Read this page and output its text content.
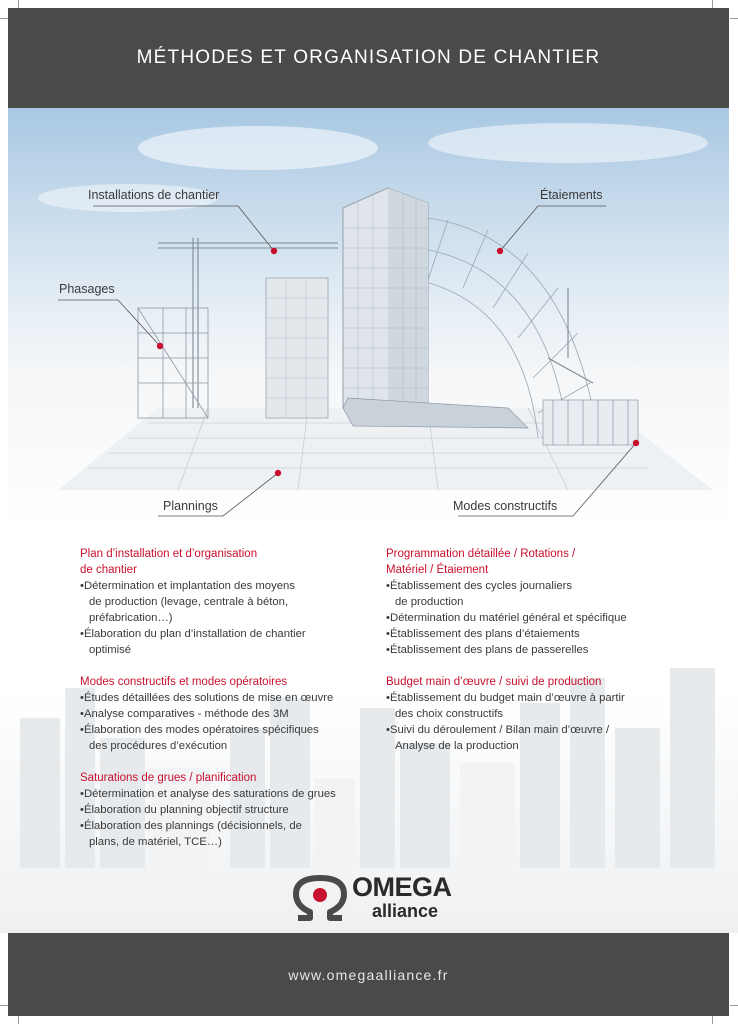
MÉTHODES ET ORGANISATION DE CHANTIER
Installations de chantier	Étaiements
Phasages
Plannings	Modes constructifs

Plan d’installation et d’organisation
de chantier

• Détermination et implantation des moyens
de production (levage, centrale à béton,
préfabrication…)
• Élaboration du plan d’installation de chantier
optimisé

Modes constructifs et modes opératoires

• Études détaillées des solutions de mise en œuvre
• Analyse comparatives - méthode des 3M
• Élaboration des modes opératoires spécifiques
des procédures d’exécution

Saturations de grues / planification

• Détermination et analyse des saturations de grues
• Élaboration du planning objectif structure
• Élaboration des plannings (décisionnels, de
plans, de matériel, TCE…)

Programmation détaillée / Rotations /
Matériel / Étaiement

• Établissement des cycles journaliers
de production
• Détermination du matériel général et spécifique
• Établissement des plans d’étaiements
• Établissement des plans de passerelles

Budget main d’œuvre / suivi de production

• Établissement du budget main d’œuvre à partir
des choix constructifs
• Suivi du déroulement / Bilan main d’œuvre /
Analyse de la production
OMEGA
alliance
www.omegaalliance.fr
